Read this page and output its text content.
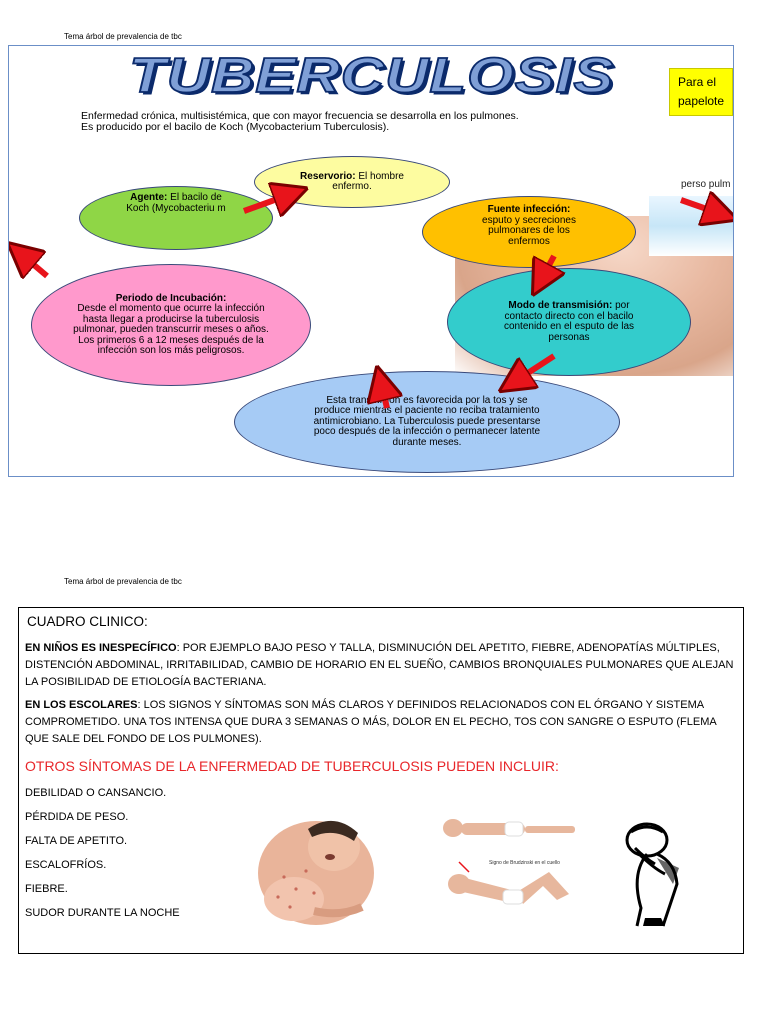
Tema árbol de prevalencia de tbc
TUBERCULOSIS	Para el papelote
Enfermedad crónica, multisistémica, que con mayor frecuencia se desarrolla en los pulmones.
Es producido por el bacilo de Koch (Mycobacterium Tuberculosis).
perso pulm
Reservorio: El hombre enfermo.
Agente: El bacilo de Koch (Mycobacteriu m	Fuente infección:
esputo y secreciones pulmonares de los enfermos
Periodo de Incubación:
Desde el momento que ocurre la infección hasta llegar a producirse la tuberculosis pulmonar, pueden transcurrir meses o años.
Los primeros 6 a 12 meses después de la infección son los más peligrosos.
Modo de transmisión: por contacto directo con el bacilo contenido en el esputo de las personas
Esta transmisión es favorecida por la tos y se produce mientras el paciente no reciba tratamiento antimicrobiano. La Tuberculosis puede presentarse poco después de la infección o permanecer latente durante meses.
Tema árbol de prevalencia de tbc
CUADRO CLINICO:
EN NIÑOS ES INESPECÍFICO: POR EJEMPLO BAJO PESO Y TALLA, DISMINUCIÓN DEL APETITO, FIEBRE, ADENOPATÍAS MÚLTIPLES, DISTENCIÓN ABDOMINAL, IRRITABILIDAD, CAMBIO DE HORARIO EN EL SUEÑO, CAMBIOS BRONQUIALES PULMONARES QUE ALEJAN LA POSIBILIDAD DE ETIOLOGÍA BACTERIANA.
EN LOS ESCOLARES: LOS SIGNOS Y SÍNTOMAS SON MÁS CLAROS Y DEFINIDOS RELACIONADOS CON EL ÓRGANO Y SISTEMA COMPROMETIDO. UNA TOS INTENSA QUE DURA 3 SEMANAS O MÁS, DOLOR EN EL PECHO, TOS CON SANGRE O ESPUTO (FLEMA QUE SALE DEL FONDO DE LOS PULMONES).
OTROS SÍNTOMAS DE LA ENFERMEDAD DE TUBERCULOSIS PUEDEN INCLUIR:
DEBILIDAD O CANSANCIO.
PÉRDIDA DE PESO.
FALTA DE APETITO.
ESCALOFRÍOS.
FIEBRE.
SUDOR DURANTE LA NOCHE
Signo de Brudzinski en el cuello
